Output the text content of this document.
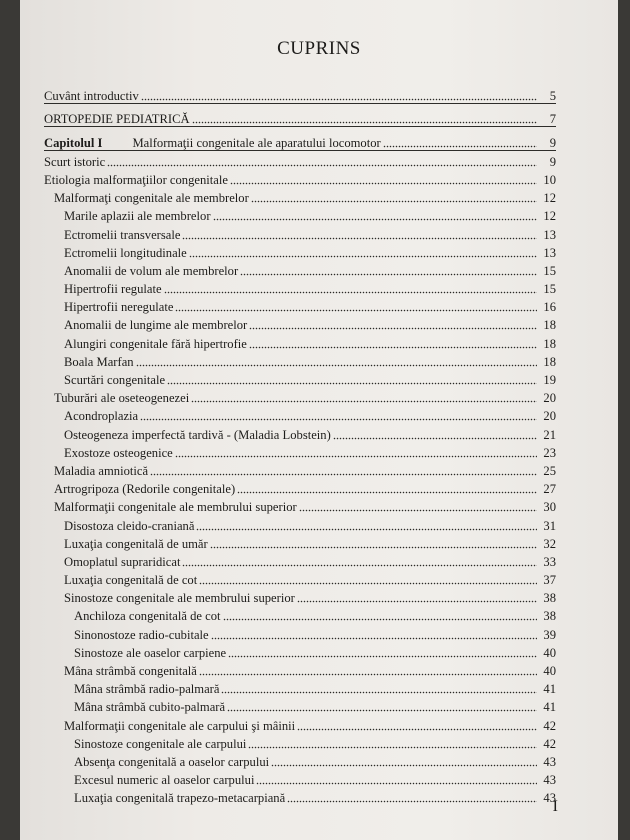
CUPRINS
Cuvânt introductiv	5
ORTOPEDIE PEDIATRICĂ	7
Capitolul I Malformaţii congenitale ale aparatului locomotor	9
Scurt istoric	9
Etiologia malformaţiilor congenitale	10
Malformaţi congenitale ale membrelor	12
Marile aplazii ale membrelor	12
Ectromelii transversale	13
Ectromelii longitudinale	13
Anomalii de volum ale membrelor	15
Hipertrofii regulate	15
Hipertrofii neregulate	16
Anomalii de lungime ale membrelor	18
Alungiri congenitale fără hipertrofie	18
Boala Marfan	18
Scurtări congenitale	19
Tuburări ale oseteogenezei	20
Acondroplazia	20
Osteogeneza imperfectă tardivă - (Maladia Lobstein)	21
Exostoze osteogenice	23
Maladia amniotică	25
Artrogripoza (Redorile congenitale)	27
Malformaţii congenitale ale membrului superior	30
Disostoza cleido-craniană	31
Luxaţia congenitală de umăr	32
Omoplatul supraridicat	33
Luxaţia congenitală de cot	37
Sinostoze congenitale ale membrului superior	38
Anchiloza congenitală de cot	38
Sinonostoze radio-cubitale	39
Sinostoze ale oaselor carpiene	40
Mâna strâmbă congenitală	40
Mâna strâmbă radio-palmară	41
Mâna strâmbă cubito-palmară	41
Malformaţii congenitale ale carpului şi mâinii	42
Sinostoze congenitale ale carpului	42
Absenţa congenitală a oaselor carpului	43
Excesul numeric al oaselor carpului	43
Luxaţia congenitală trapezo-metacarpiană	43
I
